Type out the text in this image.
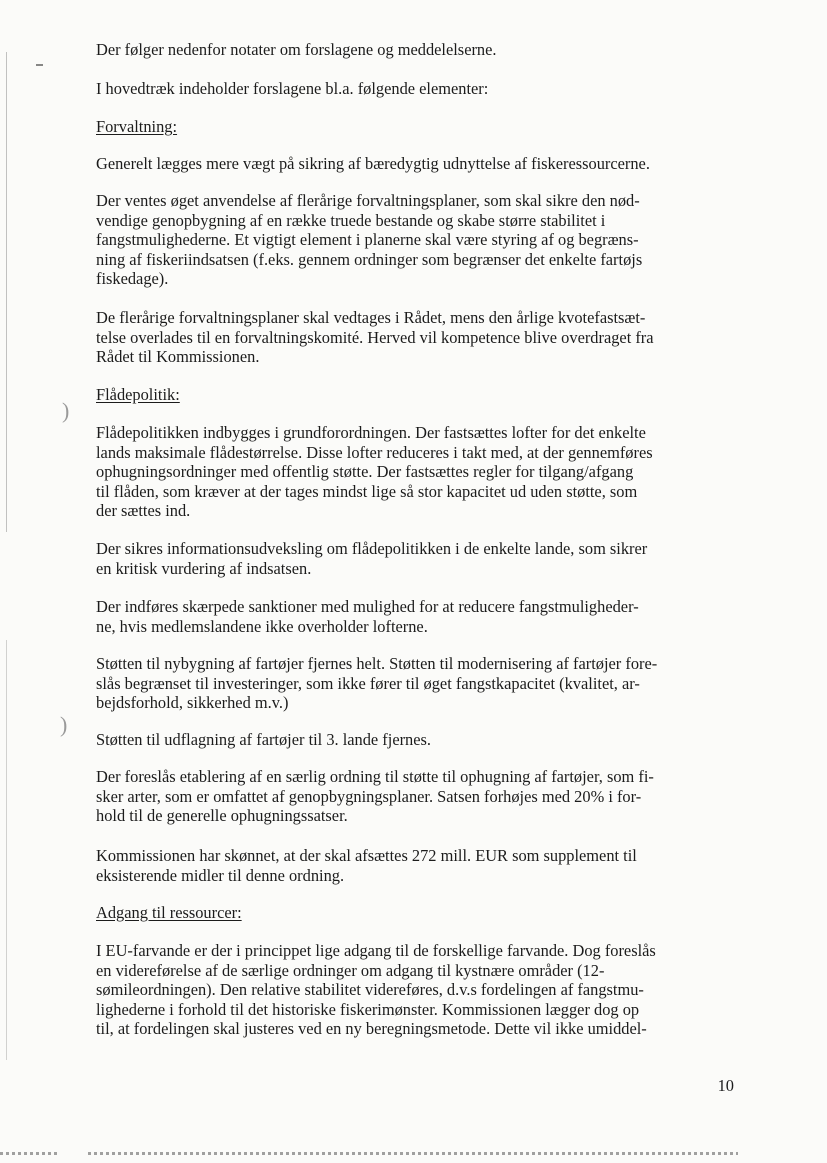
)
)

Der følger nedenfor notater om forslagene og meddelelserne.

I hovedtræk indeholder forslagene bl.a. følgende elementer:

Forvaltning:

Generelt lægges mere vægt på sikring af bæredygtig udnyttelse af fiskeressourcerne.

Der ventes øget anvendelse af flerårige forvaltningsplaner, som skal sikre den nød-
vendige genopbygning af en række truede bestande og skabe større stabilitet i
fangstmulighederne. Et vigtigt element i planerne skal være styring af og begræns-
ning af fiskeriindsatsen (f.eks. gennem ordninger som begrænser det enkelte fartøjs
fiskedage).

De flerårige forvaltningsplaner skal vedtages i Rådet, mens den årlige kvotefastsæt-
telse overlades til en forvaltningskomité. Herved vil kompetence blive overdraget fra
Rådet til Kommissionen.

Flådepolitik:

Flådepolitikken indbygges i grundforordningen. Der fastsættes lofter for det enkelte
lands maksimale flådestørrelse. Disse lofter reduceres i takt med, at der gennemføres
ophugningsordninger med offentlig støtte. Der fastsættes regler for tilgang/afgang
til flåden, som kræver at der tages mindst lige så stor kapacitet ud uden støtte, som
der sættes ind.

Der sikres informationsudveksling om flådepolitikken i de enkelte lande, som sikrer
en kritisk vurdering af indsatsen.

Der indføres skærpede sanktioner med mulighed for at reducere fangstmuligheder-
ne, hvis medlemslandene ikke overholder lofterne.

Støtten til nybygning af fartøjer fjernes helt. Støtten til modernisering af fartøjer fore-
slås begrænset til investeringer, som ikke fører til øget fangstkapacitet (kvalitet, ar-
bejdsforhold, sikkerhed m.v.)

Støtten til udflagning af fartøjer til 3. lande fjernes.

Der foreslås etablering af en særlig ordning til støtte til ophugning af fartøjer, som fi-
sker arter, som er omfattet af genopbygningsplaner. Satsen forhøjes med 20% i for-
hold til de generelle ophugningssatser.

Kommissionen har skønnet, at der skal afsættes 272 mill. EUR som supplement til
eksisterende midler til denne ordning.

Adgang til ressourcer:

I EU-farvande er der i princippet lige adgang til de forskellige farvande. Dog foreslås
en videreførelse af de særlige ordninger om adgang til kystnære områder (12-
sømileordningen). Den relative stabilitet videreføres, d.v.s fordelingen af fangstmu-
lighederne i forhold til det historiske fiskerimønster. Kommissionen lægger dog op
til, at fordelingen skal justeres ved en ny beregningsmetode. Dette vil ikke umiddel-

10
